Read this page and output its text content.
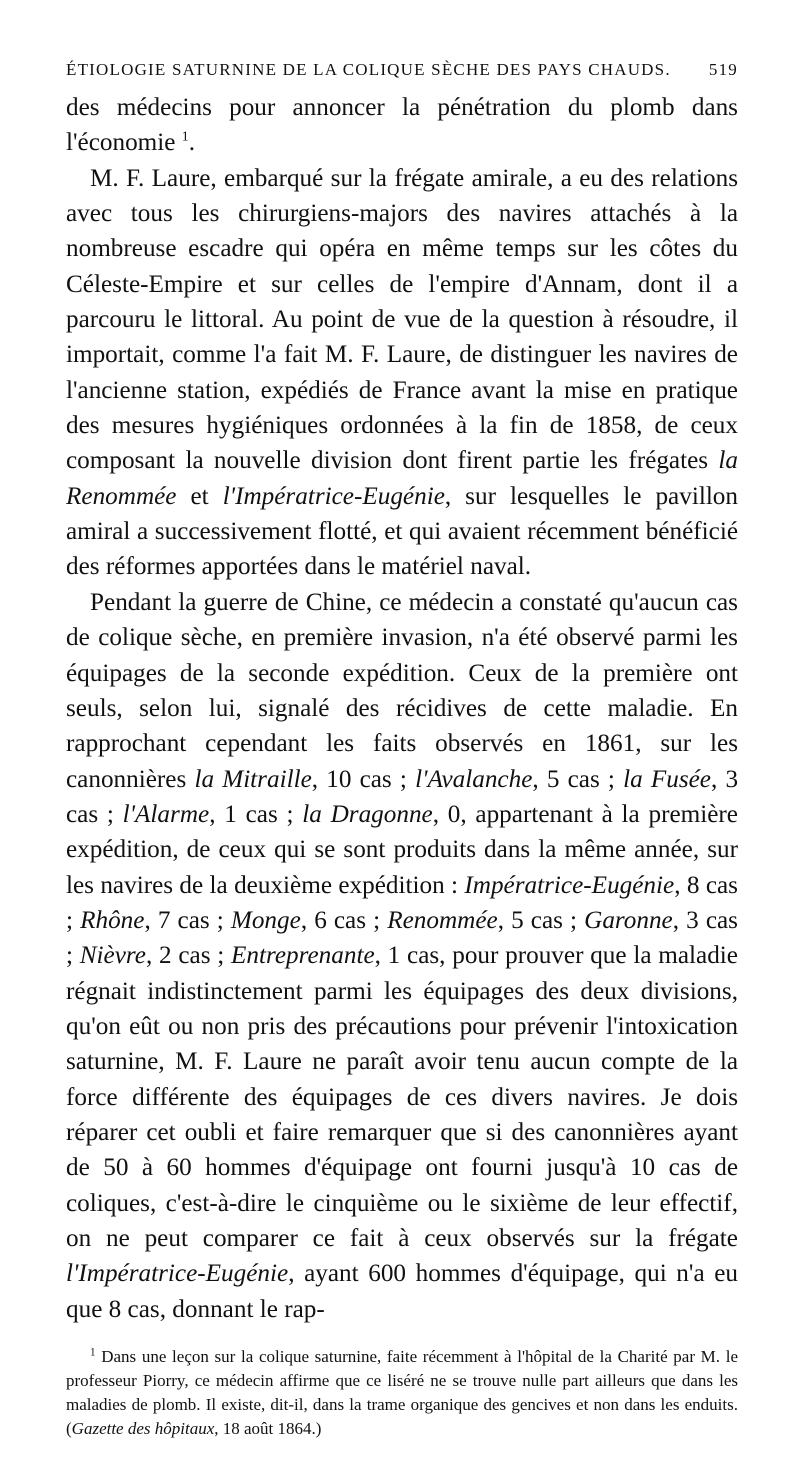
ÉTIOLOGIE SATURNINE DE LA COLIQUE SÈCHE DES PAYS CHAUDS. 519

des médecins pour annoncer la pénétration du plomb dans l'économie $^1$.

M. F. Laure, embarqué sur la frégate amirale, a eu des relations avec tous les chirurgiens-majors des navires attachés à la nombreuse escadre qui opéra en même temps sur les côtes du Céleste-Empire et sur celles de l'empire d'Annam, dont il a parcouru le littoral. Au point de vue de la question à résoudre, il importait, comme l'a fait M. F. Laure, de distinguer les navires de l'ancienne station, expédiés de France avant la mise en pratique des mesures hygiéniques ordonnées à la fin de 1858, de ceux composant la nouvelle division dont firent partie les frégates la Renommée et l'Impératrice-Eugénie, sur lesquelles le pavillon amiral a successivement flotté, et qui avaient récemment bénéficié des réformes apportées dans le matériel naval.

Pendant la guerre de Chine, ce médecin a constaté qu'aucun cas de colique sèche, en première invasion, n'a été observé parmi les équipages de la seconde expédition. Ceux de la première ont seuls, selon lui, signalé des récidives de cette maladie. En rapprochant cependant les faits observés en 1861, sur les canonnières la Mitraille, 10 cas ; l'Avalanche, 5 cas ; la Fusée, 3 cas ; l'Alarme, 1 cas ; la Dragonne, 0, appartenant à la première expédition, de ceux qui se sont produits dans la même année, sur les navires de la deuxième expédition : Impératrice-Eugénie, 8 cas ; Rhône, 7 cas ; Monge, 6 cas ; Renommée, 5 cas ; Garonne, 3 cas ; Nièvre, 2 cas ; Entreprenante, 1 cas, pour prouver que la maladie régnait indistinctement parmi les équipages des deux divisions, qu'on eût ou non pris des précautions pour prévenir l'intoxication saturnine, M. F. Laure ne paraît avoir tenu aucun compte de la force différente des équipages de ces divers navires. Je dois réparer cet oubli et faire remarquer que si des canonnières ayant de 50 à 60 hommes d'équipage ont fourni jusqu'à 10 cas de coliques, c'est-à-dire le cinquième ou le sixième de leur effectif, on ne peut comparer ce fait à ceux observés sur la frégate l'Impératrice-Eugénie, ayant 600 hommes d'équipage, qui n'a eu que 8 cas, donnant le rap-

$^1$ Dans une leçon sur la colique saturnine, faite récemment à l'hôpital de la Charité par M. le professeur Piorry, ce médecin affirme que ce liséré ne se trouve nulle part ailleurs que dans les maladies de plomb. Il existe, dit-il, dans la trame organique des gencives et non dans les enduits. (Gazette des hôpitaux, 18 août 1864.)
